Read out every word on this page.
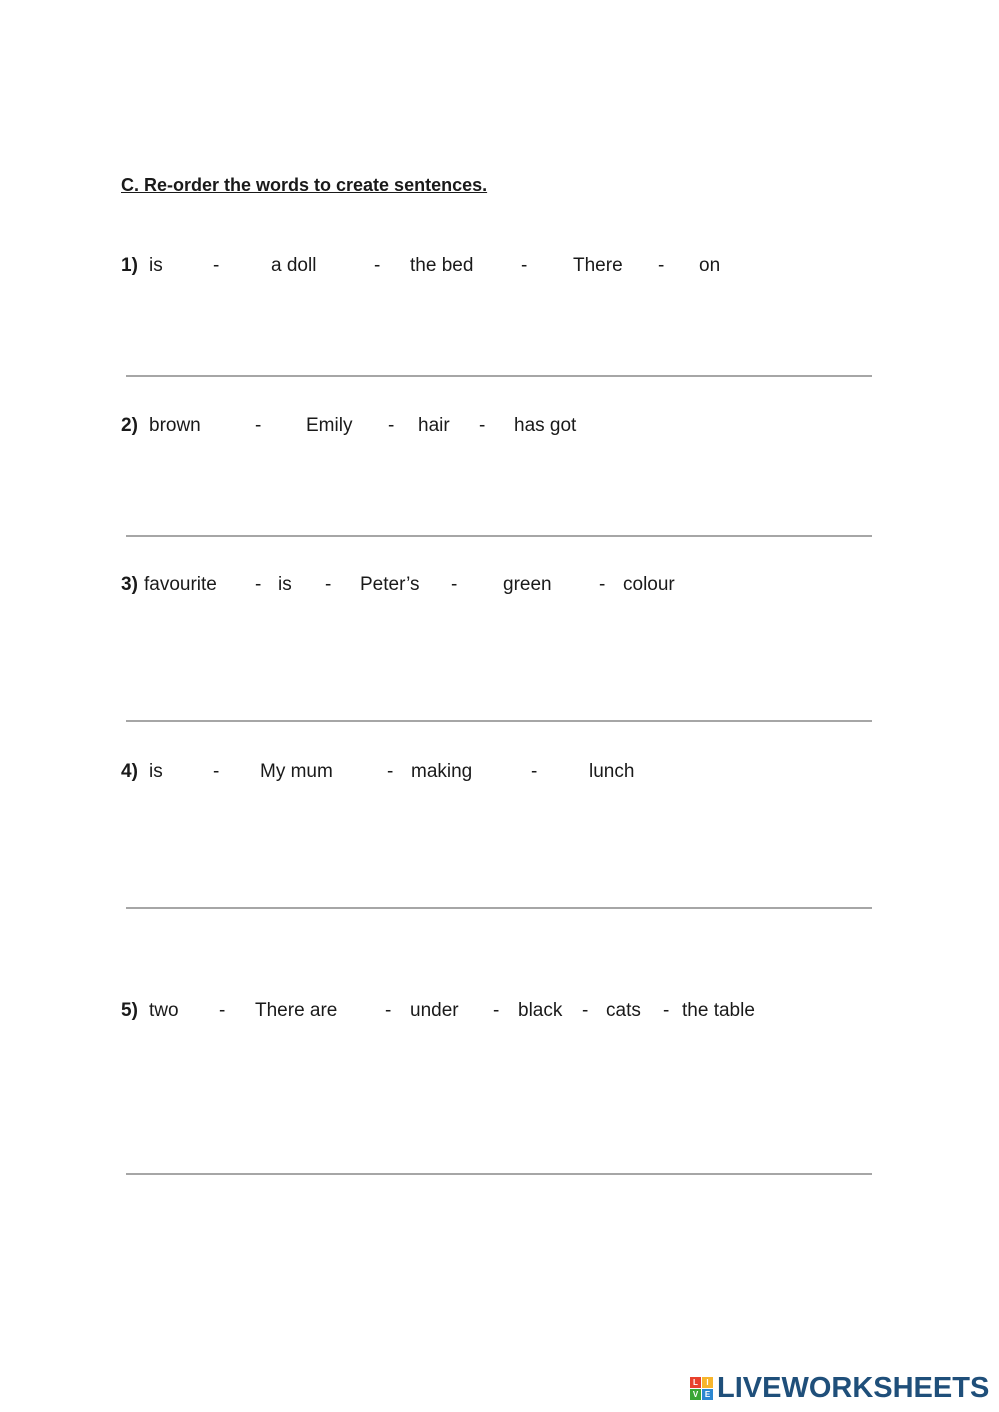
C. Re-order the words to create sentences.
1) is	-	a doll	- the bed	- There - on
2) brown	- Emily - hair - has got
3) favourite - is - Peter’s - green - colour
4) is	- My mum	- making	-	lunch
5) two - There are	- under - black - cats - the table
L	I
V E LIVEWORKSHEETS
